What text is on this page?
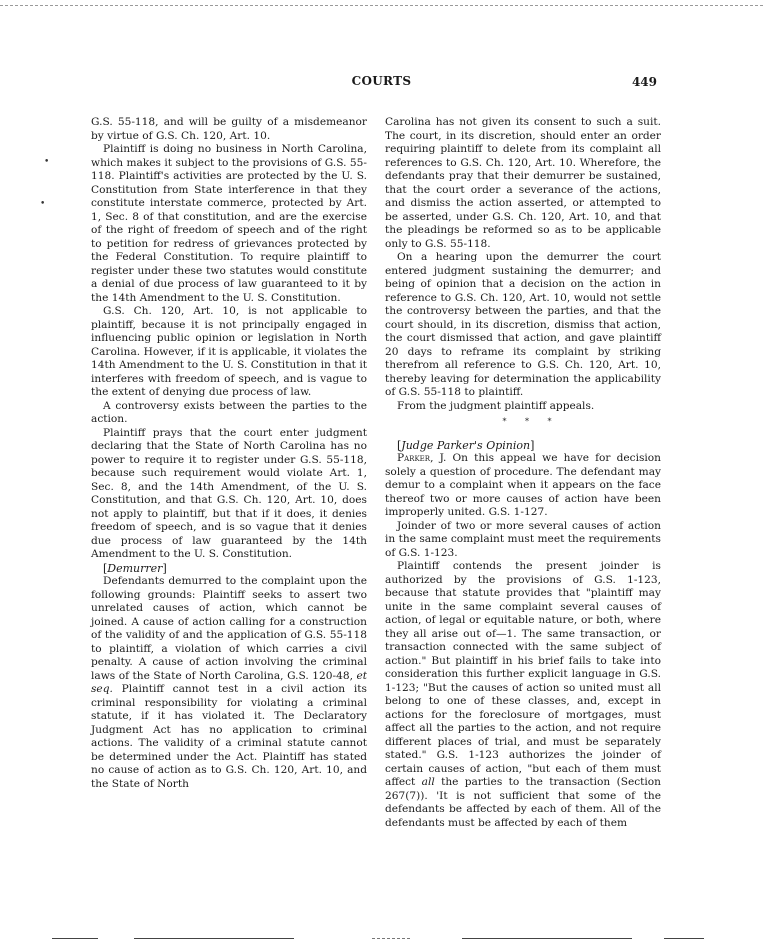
COURTS	449
•
•

G.S. 55-118, and will be guilty of a misdemeanor by virtue of G.S. Ch. 120, Art. 10.

Plaintiff is doing no business in North Carolina, which makes it subject to the provisions of G.S. 55-118. Plaintiff's activities are protected by the U. S. Constitution from State interference in that they constitute interstate commerce, protected by Art. 1, Sec. 8 of that constitution, and are the exercise of the right of freedom of speech and of the right to petition for redress of grievances protected by the Federal Constitution. To require plaintiff to register under these two statutes would constitute a denial of due process of law guaranteed to it by the 14th Amendment to the U. S. Constitution.

G.S. Ch. 120, Art. 10, is not applicable to plaintiff, because it is not principally engaged in influencing public opinion or legislation in North Carolina. However, if it is applicable, it violates the 14th Amendment to the U. S. Constitution in that it interferes with freedom of speech, and is vague to the extent of denying due process of law.

A controversy exists between the parties to the action.

Plaintiff prays that the court enter judgment declaring that the State of North Carolina has no power to require it to register under G.S. 55-118, because such requirement would violate Art. 1, Sec. 8, and the 14th Amendment, of the U. S. Constitution, and that G.S. Ch. 120, Art. 10, does not apply to plaintiff, but that if it does, it denies freedom of speech, and is so vague that it denies due process of law guaranteed by the 14th Amendment to the U. S. Constitution.

[Demurrer]

Defendants demurred to the complaint upon the following grounds: Plaintiff seeks to assert two unrelated causes of action, which cannot be joined. A cause of action calling for a construction of the validity of and the application of G.S. 55-118 to plaintiff, a violation of which carries a civil penalty. A cause of action involving the criminal laws of the State of North Carolina, G.S. 120-48, et seq. Plaintiff cannot test in a civil action its criminal responsibility for violating a criminal statute, if it has violated it. The Declaratory Judgment Act has no application to criminal actions. The validity of a criminal statute cannot be determined under the Act. Plaintiff has stated no cause of action as to G.S. Ch. 120, Art. 10, and the State of North

Carolina has not given its consent to such a suit. The court, in its discretion, should enter an order requiring plaintiff to delete from its complaint all references to G.S. Ch. 120, Art. 10. Wherefore, the defendants pray that their demurrer be sustained, that the court order a severance of the actions, and dismiss the action asserted, or attempted to be asserted, under G.S. Ch. 120, Art. 10, and that the pleadings be reformed so as to be applicable only to G.S. 55-118.

On a hearing upon the demurrer the court entered judgment sustaining the demurrer; and being of opinion that a decision on the action in reference to G.S. Ch. 120, Art. 10, would not settle the controversy between the parties, and that the court should, in its discretion, dismiss that action, the court dismissed that action, and gave plaintiff 20 days to reframe its complaint by striking therefrom all reference to G.S. Ch. 120, Art. 10, thereby leaving for determination the applicability of G.S. 55-118 to plaintiff.

From the judgment plaintiff appeals.

* * *

[Judge Parker's Opinion]

Parker, J. On this appeal we have for decision solely a question of procedure. The defendant may demur to a complaint when it appears on the face thereof two or more causes of action have been improperly united. G.S. 1-127.

Joinder of two or more several causes of action in the same complaint must meet the requirements of G.S. 1-123.

Plaintiff contends the present joinder is authorized by the provisions of G.S. 1-123, because that statute provides that "plaintiff may unite in the same complaint several causes of action, of legal or equitable nature, or both, where they all arise out of—1. The same transaction, or transaction connected with the same subject of action." But plaintiff in his brief fails to take into consideration this further explicit language in G.S. 1-123; "But the causes of action so united must all belong to one of these classes, and, except in actions for the foreclosure of mortgages, must affect all the parties to the action, and not require different places of trial, and must be separately stated." G.S. 1-123 authorizes the joinder of certain causes of action, "but each of them must affect all the parties to the transaction (Section 267(7)). 'It is not sufficient that some of the defendants be affected by each of them. All of the defendants must be affected by each of them
